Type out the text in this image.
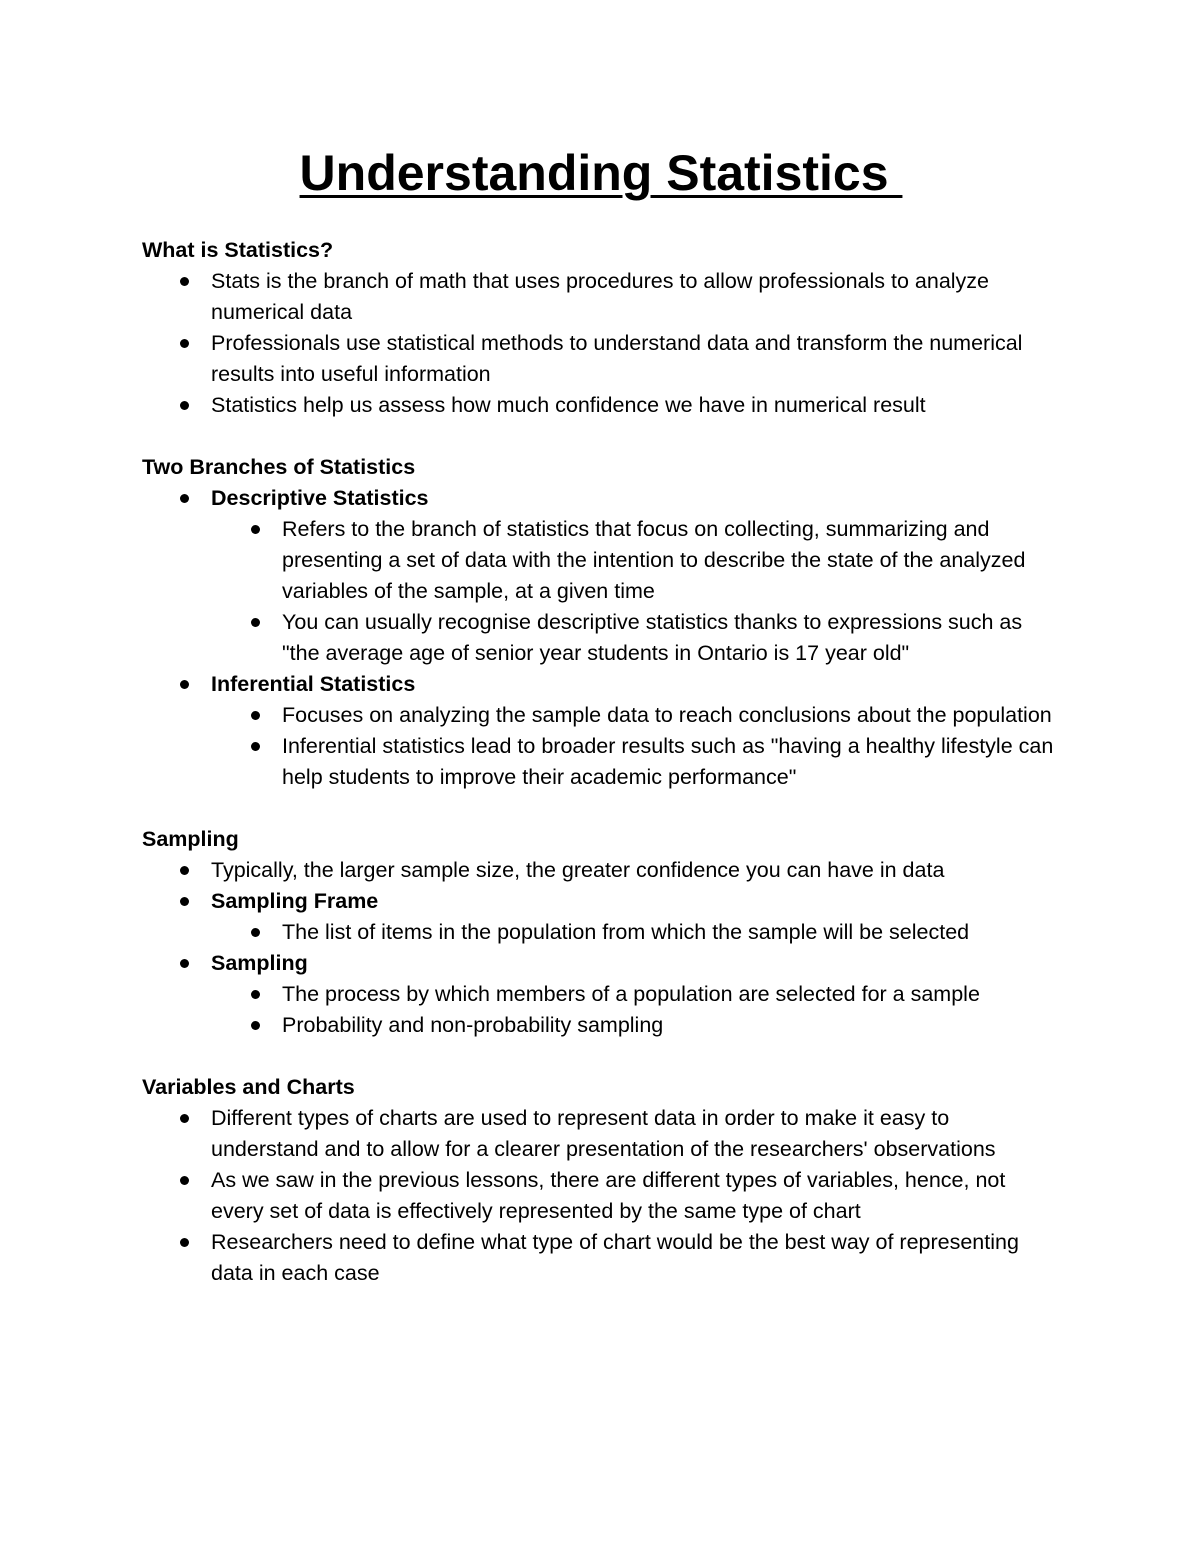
Understanding Statistics
What is Statistics?
Stats is the branch of math that uses procedures to allow professionals to analyze numerical data
Professionals use statistical methods to understand data and transform the numerical results into useful information
Statistics help us assess how much confidence we have in numerical result
Two Branches of Statistics
Descriptive Statistics
Refers to the branch of statistics that focus on collecting, summarizing and presenting a set of data with the intention to describe the state of the analyzed variables of the sample, at a given time
You can usually recognise descriptive statistics thanks to expressions such as "the average age of senior year students in Ontario is 17 year old"
Inferential Statistics
Focuses on analyzing the sample data to reach conclusions about the population
Inferential statistics lead to broader results such as "having a healthy lifestyle can help students to improve their academic performance"
Sampling
Typically, the larger sample size, the greater confidence you can have in data
Sampling Frame
The list of items in the population from which the sample will be selected
Sampling
The process by which members of a population are selected for a sample
Probability and non-probability sampling
Variables and Charts
Different types of charts are used to represent data in order to make it easy to understand and to allow for a clearer presentation of the researchers' observations
As we saw in the previous lessons, there are different types of variables, hence, not every set of data is effectively represented by the same type of chart
Researchers need to define what type of chart would be the best way of representing data in each case
